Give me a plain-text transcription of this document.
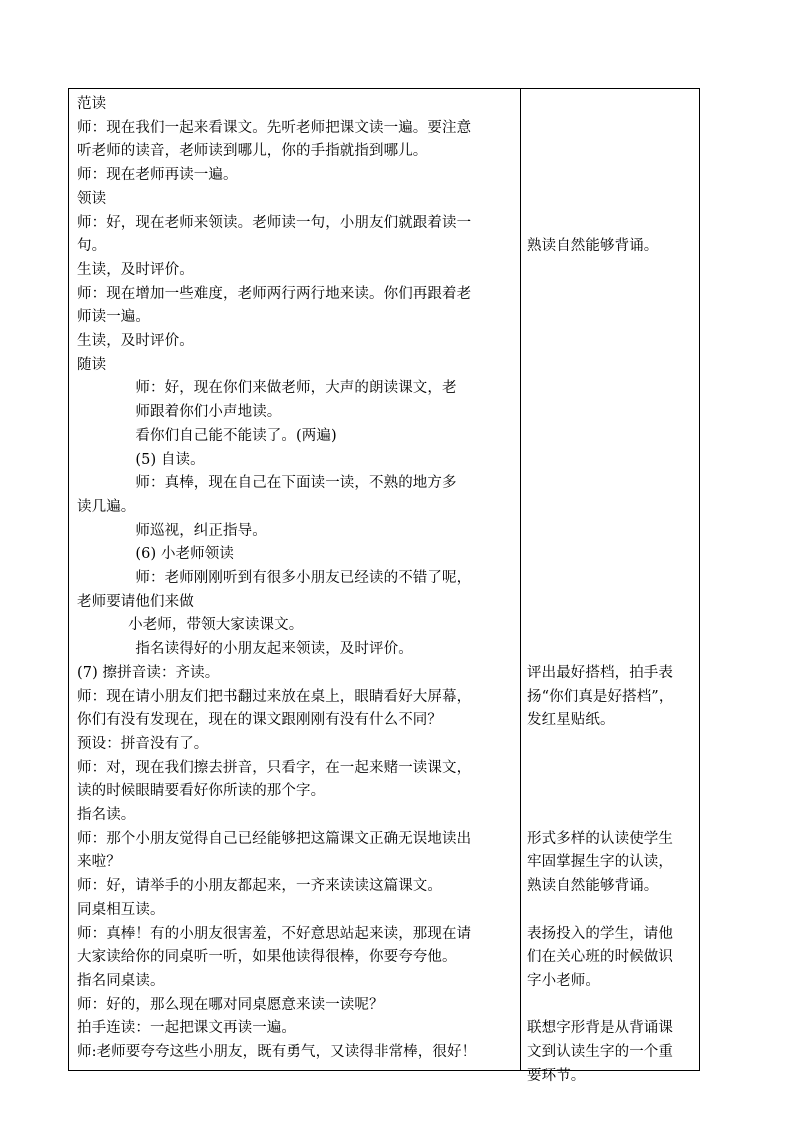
范读
师：现在我们一起来看课文。先听老师把课文读一遍。要注意
听老师的读音，老师读到哪儿，你的手指就指到哪儿。
师：现在老师再读一遍。
领读
师：好，现在老师来领读。老师读一句，小朋友们就跟着读一
句。
生读，及时评价。
师：现在增加一些难度，老师两行两行地来读。你们再跟着老
师读一遍。
生读，及时评价。
随读
师：好，现在你们来做老师，大声的朗读课文，老
师跟着你们小声地读。
看你们自己能不能读了。(两遍)
(5) 自读。
师：真棒，现在自己在下面读一读，不熟的地方多
读几遍。
师巡视，纠正指导。
(6) 小老师领读
师：老师刚刚听到有很多小朋友已经读的不错了呢，
老师要请他们来做
小老师，带领大家读课文。
指名读得好的小朋友起来领读，及时评价。
(7) 擦拼音读：齐读。
师：现在请小朋友们把书翻过来放在桌上，眼睛看好大屏幕，
你们有没有发现在，现在的课文跟刚刚有没有什么不同？
预设：拼音没有了。
师：对，现在我们擦去拼音，只看字，在一起来赌一读课文，
读的时候眼睛要看好你所读的那个字。
指名读。
师：那个小朋友觉得自己已经能够把这篇课文正确无误地读出
来啦？
师：好，请举手的小朋友都起来，一齐来读读这篇课文。
同桌相互读。
师：真棒！有的小朋友很害羞，不好意思站起来读，那现在请
大家读给你的同桌听一听，如果他读得很棒，你要夸夸他。
指名同桌读。
师：好的，那么现在哪对同桌愿意来读一读呢？
拍手连读：一起把课文再读一遍。
师:老师要夸夸这些小朋友，既有勇气，又读得非常棒，很好！
熟读自然能够背诵。
评出最好搭档，拍手表
扬“你们真是好搭档”，
发红星贴纸。
形式多样的认读使学生
牢固掌握生字的认读，
熟读自然能够背诵。
表扬投入的学生，请他
们在关心班的时候做识
字小老师。
联想字形背是从背诵课
文到认读生字的一个重
要环节。
